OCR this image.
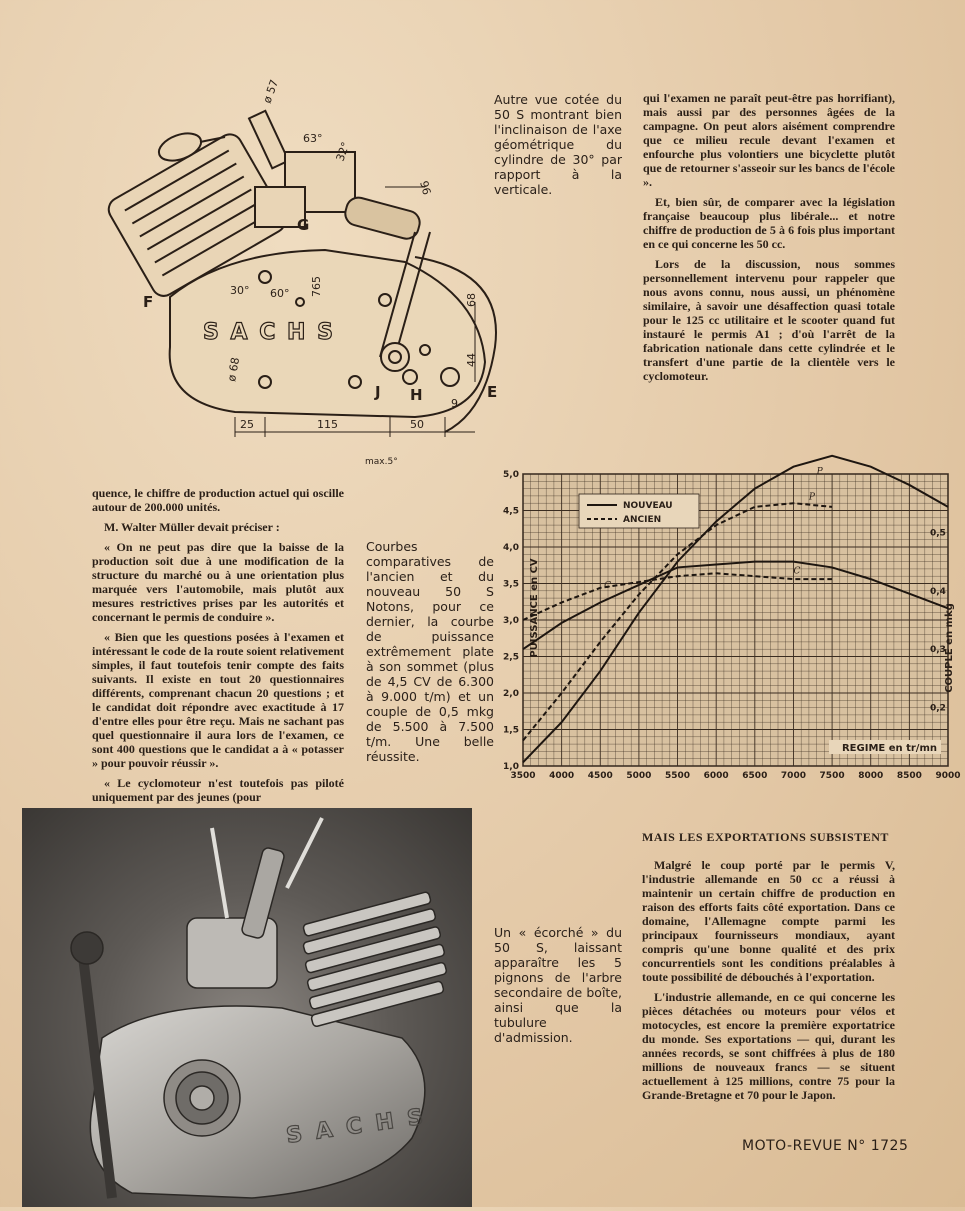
ø 57
63°
32°
96
765
30° 60°	68
44
9
25	115	50
max.5°
ø 68
G
F
J H	E
S A C H S
Autre vue cotée du 50 S montrant bien l'inclinaison de l'axe géométrique du cylindre de 30° par rapport à la verticale.

qui l'examen ne paraît peut-être pas horrifiant), mais aussi par des personnes âgées de la campagne. On peut alors aisément comprendre que ce milieu recule devant l'examen et enfourche plus volontiers une bicyclette plutôt que de retourner s'asseoir sur les bancs de l'école ».

Et, bien sûr, de comparer avec la législation française beaucoup plus libérale... et notre chiffre de production de 5 à 6 fois plus important en ce qui concerne les 50 cc.

Lors de la discussion, nous sommes personnellement intervenu pour rappeler que nous avons connu, nous aussi, un phénomène similaire, à savoir une désaffection quasi totale pour le 125 cc utilitaire et le scooter quand fut instauré le permis A1 ; d'où l'arrêt de la fabrication nationale dans cette cylindrée et le transfert d'une partie de la clientèle vers le cyclomoteur.

quence, le chiffre de production actuel qui oscille autour de 200.000 unités.

M. Walter Müller devait préciser :

« On ne peut pas dire que la baisse de la production soit due à une modification de la structure du marché ou à une orientation plus marquée vers l'automobile, mais plutôt aux mesures restrictives prises par les autorités et concernant le permis de conduire ».

« Bien que les questions posées à l'examen et intéressant le code de la route soient relativement simples, il faut toutefois tenir compte des faits suivants. Il existe en tout 20 questionnaires différents, comprenant chacun 20 questions ; et le candidat doit répondre avec exactitude à 17 d'entre elles pour être reçu. Mais ne sachant pas quel questionnaire il aura lors de l'examen, ce sont 400 questions que le candidat a à « potasser » pour pouvoir réussir ».

« Le cyclomoteur n'est toutefois pas piloté uniquement par des jeunes (pour

Courbes comparatives de l'ancien et du nouveau 50 S Notons, pour ce dernier, la courbe de puissance extrêmement plate à son sommet (plus de 4,5 CV de 6.300 à 9.000 t/m) et un couple de 0,5 mkg de 5.500 à 7.500 t/m. Une belle réussite.
3500 4000 4500 5000 5500 6000 6500 7000 7500 8000 8500 9000
1,0
1,5
2,0
2,5
3,0
3,5
4,0
4,5
5,0
0,2
0,3
0,4
0,5
PUISSANCE en CV	COUPLE en mkg
REGIME en tr/mn
NOUVEAU
ANCIEN
P
C
P
C
S A C H S
Un « écorché » du 50 S, laissant apparaître les 5 pignons de l'arbre secondaire de boîte, ainsi que la tubulure d'admission.
MAIS LES EXPORTATIONS SUBSISTENT

Malgré le coup porté par le permis V, l'industrie allemande en 50 cc a réussi à maintenir un certain chiffre de production en raison des efforts faits côté exportation. Dans ce domaine, l'Allemagne compte parmi les principaux fournisseurs mondiaux, ayant compris qu'une bonne qualité et des prix concurrentiels sont les conditions préalables à toute possibilité de débouchés à l'exportation.

L'industrie allemande, en ce qui concerne les pièces détachées ou moteurs pour vélos et motocycles, est encore la première exportatrice du monde. Ses exportations — qui, durant les années records, se sont chiffrées à plus de 180 millions de nouveaux francs — se situent actuellement à 125 millions, contre 75 pour la Grande-Bretagne et 70 pour le Japon.

MOTO-REVUE N° 1725
